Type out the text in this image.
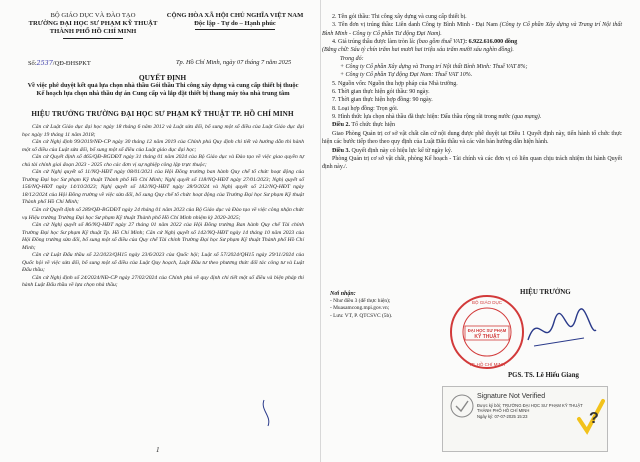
BỘ GIÁO DỤC VÀ ĐÀO TẠO
TRƯỜNG ĐẠI HỌC SƯ PHẠM KỸ THUẬT
THÀNH PHỐ HỒ CHÍ MINH
CỘNG HÒA XÃ HỘI CHỦ NGHĨA VIỆT NAM
Độc lập - Tự do – Hạnh phúc
Số:2537/QĐ-ĐHSPKT	Tp. Hồ Chí Minh, ngày 07 tháng 7 năm 2025
QUYẾT ĐỊNH
Về việc phê duyệt kết quả lựa chọn nhà thầu Gói thầu Thi công xây dựng và cung cấp thiết bị thuộc Kế hoạch lựa chọn nhà thầu dự án Cung cấp và lắp đặt thiết bị thang máy tòa nhà trung tâm
HIỆU TRƯỞNG TRƯỜNG ĐẠI HỌC SƯ PHẠM KỸ THUẬT TP. HỒ CHÍ MINH

Căn cứ Luật Giáo dục đại học ngày 18 tháng 6 năm 2012 và Luật sửa đổi, bổ sung một số điều của Luật Giáo dục đại học ngày 19 tháng 11 năm 2018;

Căn cứ Nghị định 99/2019/NĐ-CP ngày 30 tháng 12 năm 2019 của Chính phủ Quy định chi tiết và hướng dẫn thi hành một số điều của Luật sửa đổi, bổ sung một số điều của Luật giáo dục đại học;

Căn cứ Quyết định số 465/QĐ-BGDĐT ngày 31 tháng 01 năm 2024 của Bộ Giáo dục và Đào tạo về việc giao quyền tự chủ tài chính giai đoạn 2023 - 2025 cho các đơn vị sự nghiệp công lập trực thuộc;

Căn cứ Nghị quyết số 11/NQ-HĐT ngày 08/01/2021 của Hội Đồng trường ban hành Quy chế tổ chức hoạt động của Trường Đại học Sư phạm Kỹ thuật Thành phố Hồ Chí Minh; Nghị quyết số 118/NQ-HĐT ngày 27/01/2023; Nghị quyết số 156/NQ-HĐT ngày 14/10/2023; Nghị quyết số 182/NQ-HĐT ngày 28/9/2024 và Nghị quyết số 212/NQ-HĐT ngày 18/12/2024 của Hội Đồng trường về việc sửa đổi, bổ sung Quy chế tổ chức hoạt động của Trường Đại học Sư phạm Kỹ thuật Thành phố Hồ Chí Minh;

Căn cứ Quyết định số 289/QĐ-BGDĐT ngày 24 tháng 01 năm 2023 của Bộ Giáo dục và Đào tạo về việc công nhận chức vụ Hiệu trưởng Trường Đại học Sư phạm Kỹ thuật Thành phố Hồ Chí Minh nhiệm kỳ 2020-2025;

Căn cứ Nghị quyết số 86/NQ-HĐT ngày 27 tháng 01 năm 2022 của Hội Đồng trường Ban hành Quy chế Tài chính Trường Đại học Sư phạm Kỹ thuật Tp. Hồ Chí Minh; Căn cứ Nghị quyết số 142/NQ-HĐT ngày 14 tháng 10 năm 2023 của Hội Đồng trường sửa đổi, bổ sung một số điều của Quy chế Tài chính Trường Đại học Sư phạm Kỹ thuật Thành phố Hồ Chí Minh;

Căn cứ Luật Đấu thầu số 22/2023/QH15 ngày 23/6/2023 của Quốc hội; Luật số 57/2024/QH15 ngày 29/11/2024 của Quốc hội về việc sửa đổi, bổ sung một số điều của Luật Quy hoạch, Luật Đầu tư theo phương thức đối tác công tư và Luật Đấu thầu;

Căn cứ Nghị định số 24/2024/NĐ-CP ngày 27/02/2024 của Chính phủ về quy định chi tiết một số điều và biện pháp thi hành Luật Đấu thầu về lựa chọn nhà thầu;

1

2. Tên gói thầu: Thi công xây dựng và cung cấp thiết bị.

3. Tên đơn vị trúng thầu: Liên danh Công ty Bình Minh - Đại Nam (Công ty Cổ phần Xây dựng và Trang trí Nội thất Bình Minh - Công ty Cổ phần Tư động Đại Nam).

4. Giá trúng thầu được làm tròn là: (bao gồm thuế VAT): 6.922.616.000 đồng

(Bằng chữ: Sáu tỷ chín trăm hai mươi hai triệu sáu trăm mười sáu nghìn đồng).

Trong đó:

+ Công ty Cổ phần Xây dựng và Trang trí Nội thất Bình Minh: Thuế VAT 8%;

+ Công ty Cổ phần Tự động Đại Nam: Thuế VAT 10%.

5. Nguồn vốn: Nguồn thu hợp pháp của Nhà trường.

6. Thời gian thực hiện gói thầu: 90 ngày.

7. Thời gian thực hiện hợp đồng: 90 ngày.

8. Loại hợp đồng: Trọn gói.

9. Hình thức lựa chọn nhà thầu đã thực hiện: Đấu thầu rộng rãi trong nước (qua mạng).

Điều 2. Tổ chức thực hiện

Giao Phòng Quản trị cơ sở vật chất căn cứ nội dung được phê duyệt tại Điều 1 Quyết định này, tiến hành tổ chức thực hiện các bước tiếp theo theo quy định của Luật Đấu thầu và các văn bản hướng dẫn hiện hành.

Điều 3. Quyết định này có hiệu lực kể từ ngày ký.

Phòng Quản trị cơ sở vật chất, phòng Kế hoạch - Tài chính và các đơn vị có liên quan chịu trách nhiệm thi hành Quyết định này./.

Nơi nhận:
- Như điều 3 (để thực hiện);
- Muasamcong.mpi.gov.vn;
- Lưu: VT, P. QTCSVC (5b).
HIỆU TRƯỞNG
ĐẠI HỌC SƯ PHẠM
KỸ THUẬT
BỘ GIÁO DỤC
TP. HỒ CHÍ MINH
PGS. TS. Lê Hiếu Giang
Signature Not Verified
Được ký bởi: TRƯỜNG ĐẠI HỌC SƯ PHẠM KỸ THUẬT
THÀNH PHỐ HỒ CHÍ MINH
Ngày ký: 07-07-2025 15:23	?
